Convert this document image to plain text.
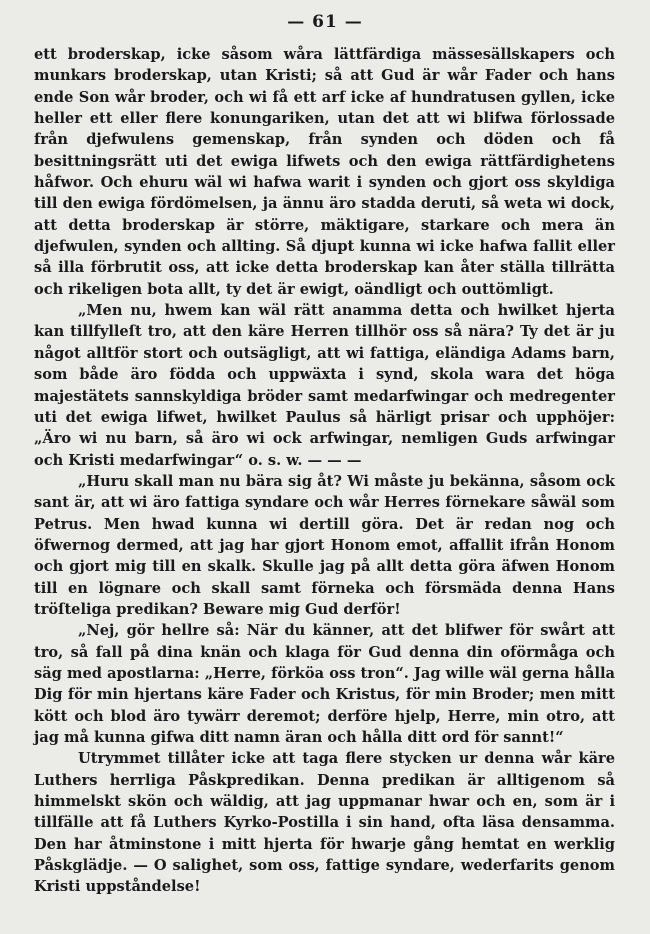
— 61 —

ett broderskap, icke såsom wåra lättfärdiga mässesällskapers och munkars broderskap, utan Kristi; så att Gud är wår Fader och hans ende Son wår broder, och wi få ett arf icke af hundratusen gyllen, icke heller ett eller flere konungariken, utan det att wi blifwa förlossade från djefwulens gemenskap, från synden och döden och få besittningsrätt uti det ewiga lifwets och den ewiga rättfärdighetens håfwor. Och ehuru wäl wi hafwa warit i synden och gjort oss skyldiga till den ewiga fördömelsen, ja ännu äro stadda deruti, så weta wi dock, att detta broderskap är större, mäktigare, starkare och mera än djefwulen, synden och allting. Så djupt kunna wi icke hafwa fallit eller så illa förbrutit oss, att icke detta broderskap kan åter ställa tillrätta och rikeligen bota allt, ty det är ewigt, oändligt och outtömligt.

„Men nu, hwem kan wäl rätt anamma detta och hwilket hjerta kan tillfylleſt tro, att den käre Herren tillhör oss så nära? Ty det är ju något alltför stort och outsägligt, att wi fattiga, eländiga Adams barn, som både äro födda och uppwäxta i synd, skola wara det höga majestätets sannskyldiga bröder samt medarfwingar och medregenter uti det ewiga lifwet, hwilket Paulus så härligt prisar och upphöjer: „Äro wi nu barn, så äro wi ock arfwingar, nemligen Guds arfwingar och Kristi medarfwingar“ o. s. w. — — —

„Huru skall man nu bära sig åt? Wi måste ju bekänna, såsom ock sant är, att wi äro fattiga syndare och wår Herres förnekare såwäl som Petrus. Men hwad kunna wi dertill göra. Det är redan nog och öfwernog dermed, att jag har gjort Honom emot, affallit ifrån Honom och gjort mig till en skalk. Skulle jag på allt detta göra äfwen Honom till en lögnare och skall samt förneka och försmäda denna Hans tröſteliga predikan? Beware mig Gud derför!

„Nej, gör hellre så: När du känner, att det blifwer för swårt att tro, så fall på dina knän och klaga för Gud denna din oförmåga och säg med apostlarna: „Herre, förköa oss tron“. Jag wille wäl gerna hålla Dig för min hjertans käre Fader och Kristus, för min Broder; men mitt kött och blod äro tywärr deremot; derföre hjelp, Herre, min otro, att jag må kunna gifwa ditt namn äran och hålla ditt ord för sannt!“

Utrymmet tillåter icke att taga flere stycken ur denna wår käre Luthers herrliga Påskpredikan. Denna predikan är alltigenom så himmelskt skön och wäldig, att jag uppmanar hwar och en, som är i tillfälle att få Luthers Kyrko-Postilla i sin hand, ofta läsa densamma. Den har åtminstone i mitt hjerta för hwarje gång hemtat en werklig Påskglädje. — O salighet, som oss, fattige syndare, wederfarits genom Kristi uppståndelse!
